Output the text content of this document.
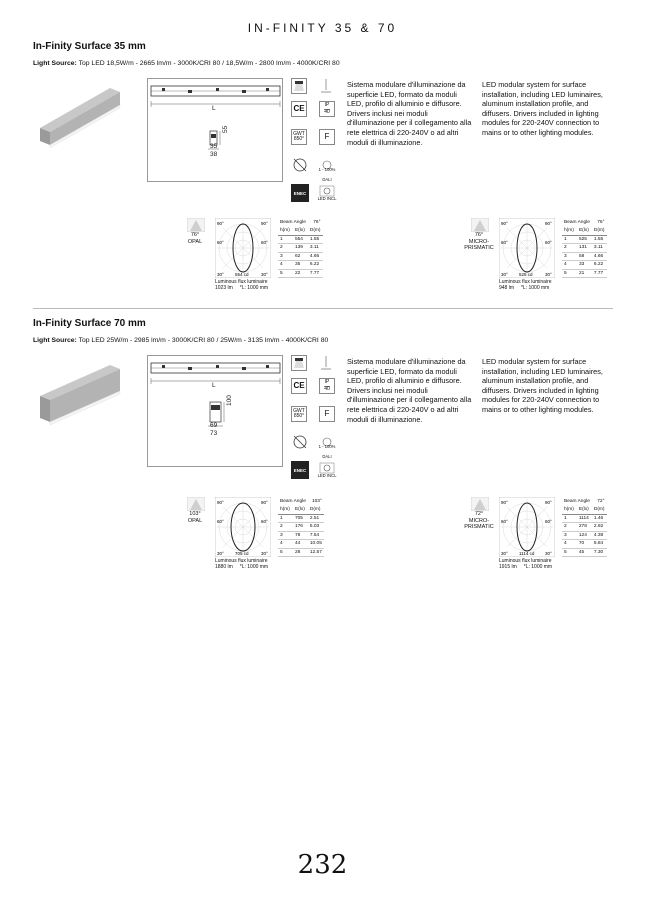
IN-FINITY 35 & 70
In-Finity Surface 35 mm
Light Source: Top LED 18,5W/m - 2665 lm/m - 3000K/CRI 80 / 18,5W/m - 2800 lm/m - 4000K/CRI 80
L
55
35
38
CE	IP
40
GWT
850°	F
1 - 100%
DALI
ENEC
LED INCL
Sistema modulare d'illuminazione da superficie LED, formato da moduli LED, profilo di alluminio e diffusore. Drivers inclusi nei moduli d'illuminazione per il collegamento alla rete elettrica di 220-240V o ad altri moduli di illuminazione.
LED modular system for surface installation, including LED luminaires, aluminum installation profile, and diffusers. Drivers included in lighting modules for 220-240V connection to mains or to other lighting modules.
76°
OPAL
90°	90°
60°	60°
30°	30°
554 cd
Luminous flux luminaire
1023 lm *L: 1000 mm
Beam Angle		76°
h(m)	E(lx)	D(m)
1	554	1.55
2	139	3.11
3	62	4.66
4	35	6.22
5	22	7.77
76°
MICRO-PRISMATIC
90°	90°
60°	60°
30°	30°
525 cd
Luminous flux luminaire
948 lm *L: 1000 mm
Beam Angle		76°
h(m)	E(lx)	D(m)
1	525	1.55
2	131	3.11
3	58	4.66
4	33	6.22
5	21	7.77
In-Finity Surface 70 mm
Light Source: Top LED 25W/m - 2985 lm/m - 3000K/CRI 80 / 25W/m - 3135 lm/m - 4000K/CRI 80
L
100
69
73
CE	IP
40
GWT
850°	F
1 - 100%
DALI
ENEC
LED INCL
Sistema modulare d'illuminazione da superficie LED, formato da moduli LED, profilo di alluminio e diffusore. Drivers inclusi nei moduli d'illuminazione per il collegamento alla rete elettrica di 220-240V o ad altri moduli di illuminazione.
LED modular system for surface installation, including LED luminaires, aluminum installation profile, and diffusers. Drivers included in lighting modules for 220-240V connection to mains or to other lighting modules.
103°
OPAL
90°	90°
60°	60°
30°	30°
705 cd
Luminous flux luminaire
1880 lm *L: 1000 mm
Beam Angle		103°
h(m)	E(lx)	D(m)
1	705	2.51
2	176	5.03
3	78	7.54
4	44	10.05
5	28	12.57
72°
MICRO-PRISMATIC
90°	90°
60°	60°
30°	30°
1114 cd
Luminous flux luminaire
1915 lm *L: 1000 mm
Beam Angle		72°
h(m)	E(lx)	D(m)
1	1114	1.46
2	278	2.92
3	124	4.38
4	70	5.84
5	45	7.30
232
